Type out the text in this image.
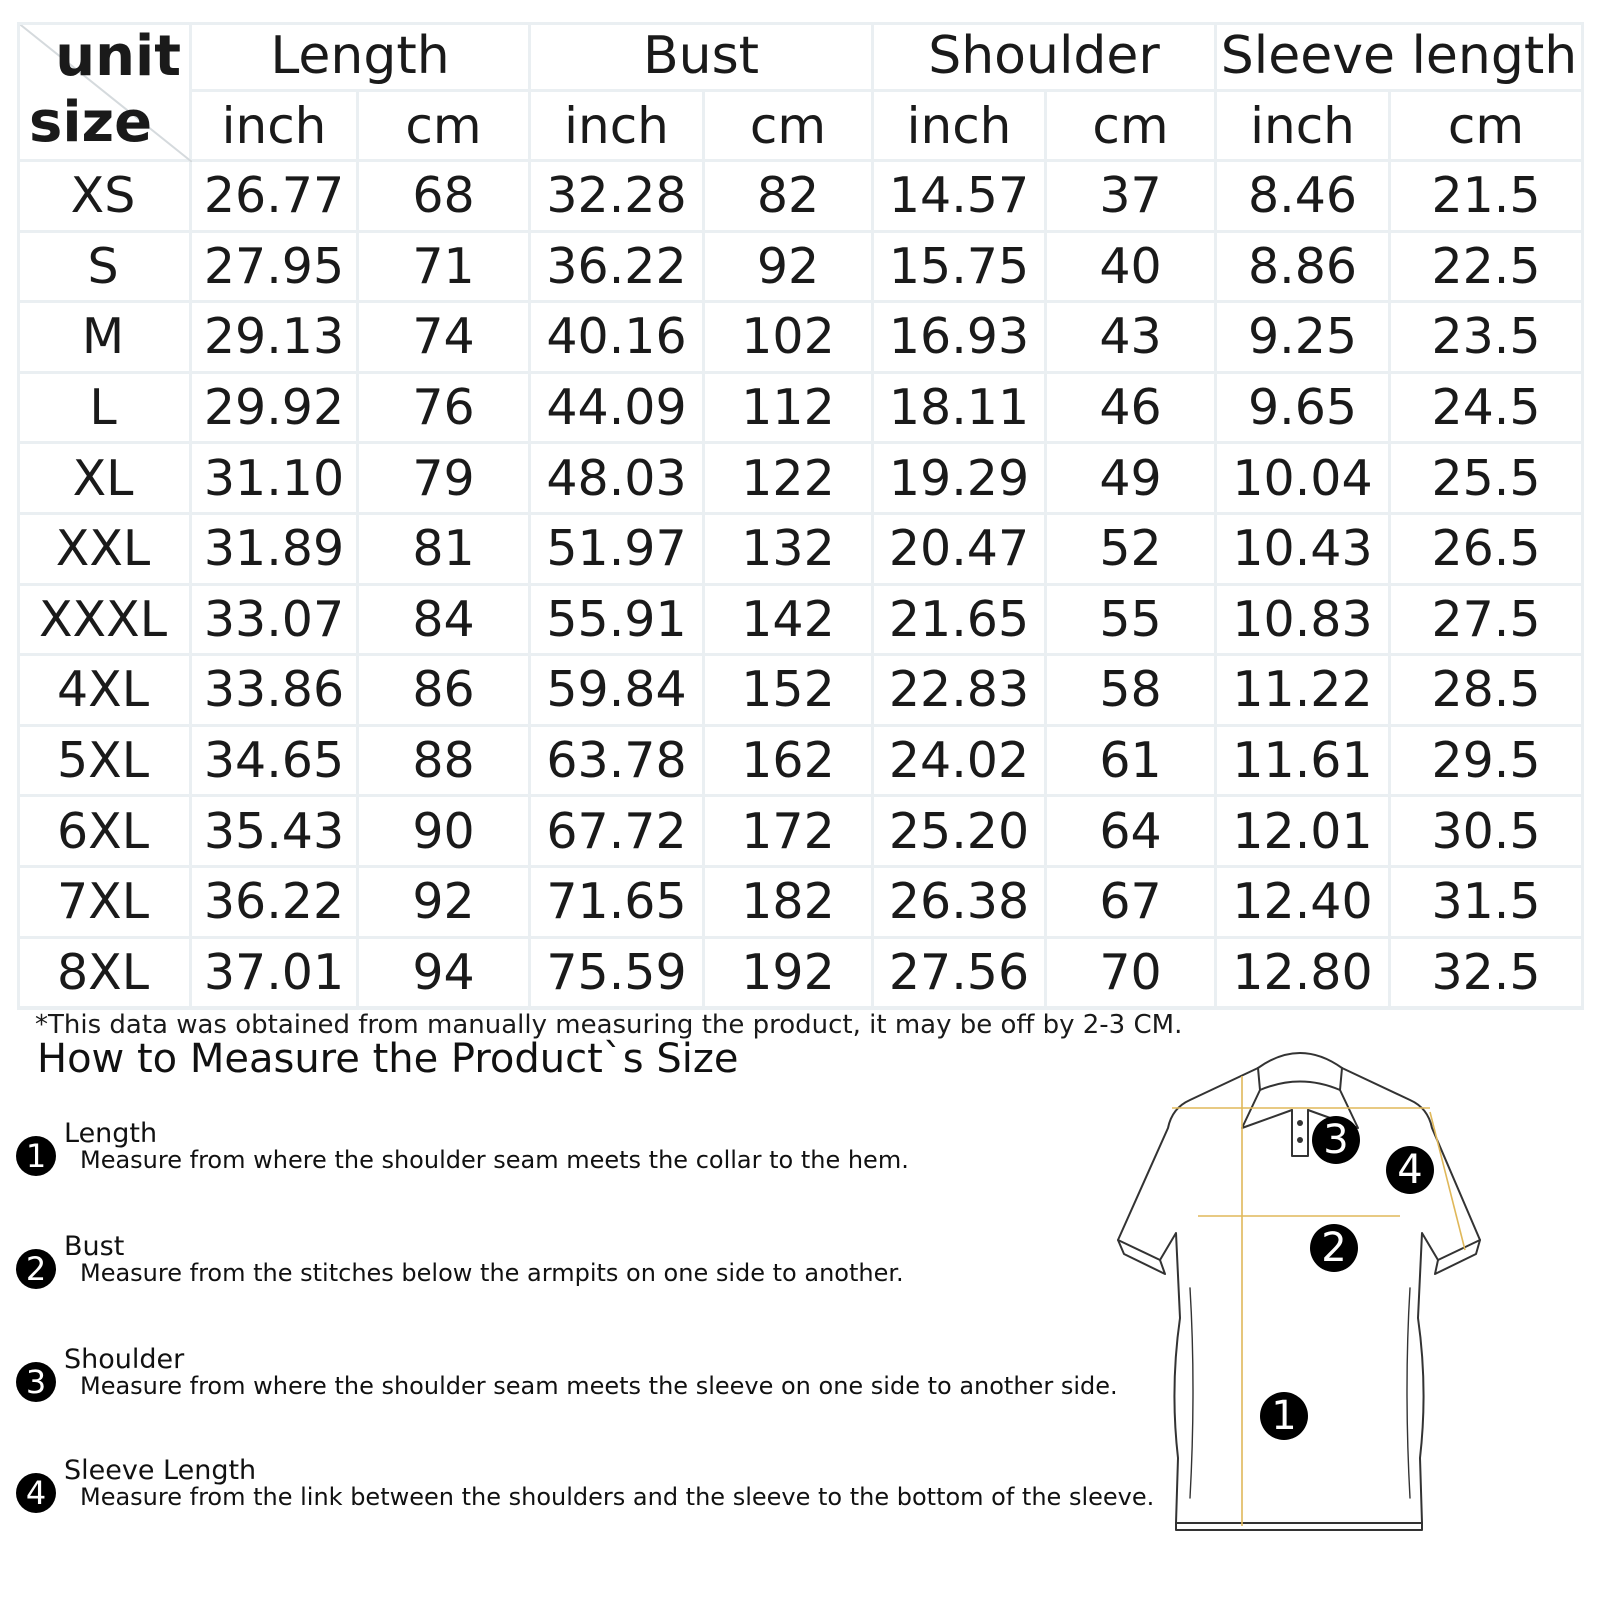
unit
size
Length	Bust	Shoulder	Sleeve length
inch	cm	inch	cm	inch	cm	inch	cm
XS	26.77	68	32.28	82	14.57	37	8.46	21.5
S	27.95	71	36.22	92	15.75	40	8.86	22.5
M	29.13	74	40.16	102	16.93	43	9.25	23.5
L	29.92	76	44.09	112	18.11	46	9.65	24.5
XL	31.10	79	48.03	122	19.29	49	10.04	25.5
XXL	31.89	81	51.97	132	20.47	52	10.43	26.5
XXXL 33.07	84	55.91	142	21.65	55	10.83	27.5
4XL	33.86	86	59.84	152	22.83	58	11.22	28.5
5XL	34.65	88	63.78	162	24.02	61	11.61	29.5
6XL	35.43	90	67.72	172	25.20	64	12.01	30.5
7XL	36.22	92	71.65	182	26.38	67	12.40	31.5
8XL	37.01	94	75.59	192	27.56	70	12.80	32.5
*This data was obtained from manually measuring the product, it may be off by 2-3 CM.
How to Measure the Product`s Size
1
Length
Measure from where the shoulder seam meets the collar to the hem.
2
Bust
Measure from the stitches below the armpits on one side to another.
3
Shoulder
Measure from where the shoulder seam meets the sleeve on one side to another side.
4
Sleeve Length
Measure from the link between the shoulders and the sleeve to the bottom of the sleeve.
1
2
3
4
